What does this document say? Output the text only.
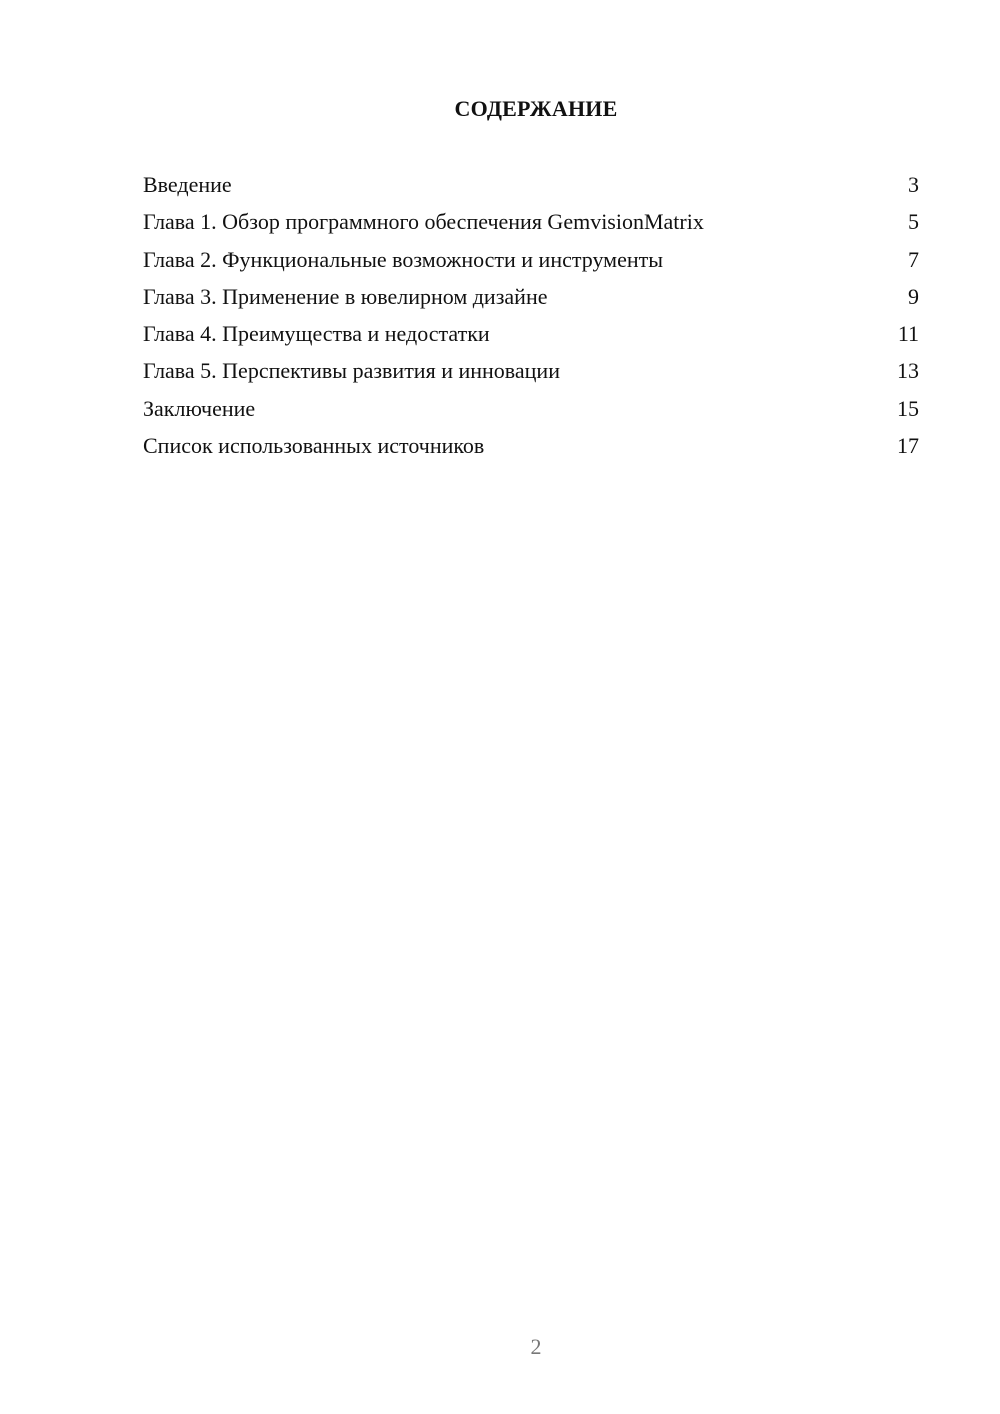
СОДЕРЖАНИЕ
Введение	3
Глава 1. Обзор программного обеспечения GemvisionMatrix	5
Глава 2. Функциональные возможности и инструменты	7
Глава 3. Применение в ювелирном дизайне	9
Глава 4. Преимущества и недостатки	11
Глава 5. Перспективы развития и инновации	13
Заключение	15
Список использованных источников	17
2
